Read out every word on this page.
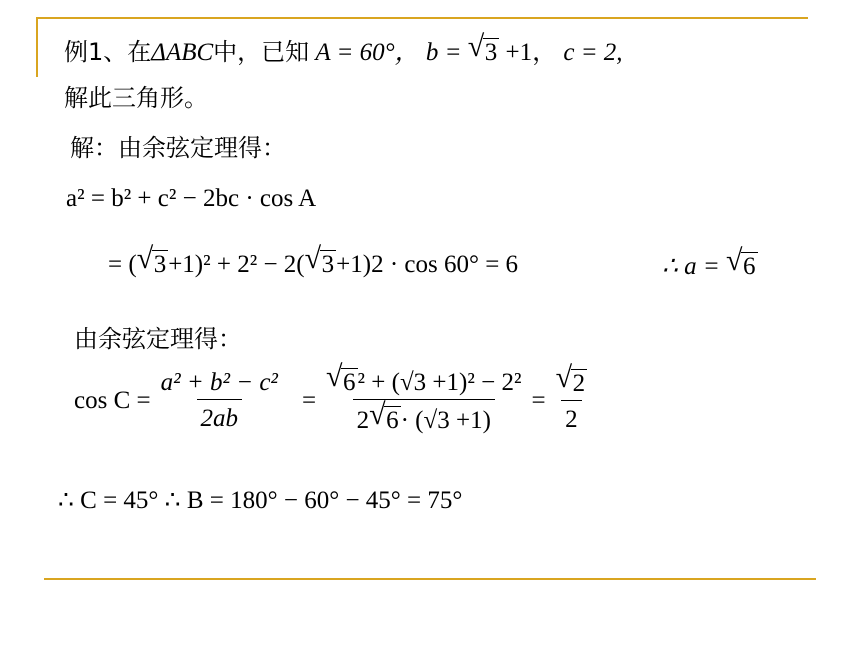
例1、在ΔABC中，已知 A = 60°， b = √ 3 +1， c = 2,
解此三角形。
解：由余弦定理得：
a² = b² + c² − 2bc · cos A
= ( √ 3+1)² + 2² − 2( √ 3+1)2 · cos 60° = 6	∴ a = √ 6
由余弦定理得：
$\cos C = \frac{\text{a² + b² − c²}}{2ab} = \frac{\text{√ 6² + (√3 +1)² − 2²}}{2 √ 6\cdot (√3 +1)} = \frac{√ 2}{2}$
∴ C = 45° ∴ B = 180° − 60° − 45° = 75°
